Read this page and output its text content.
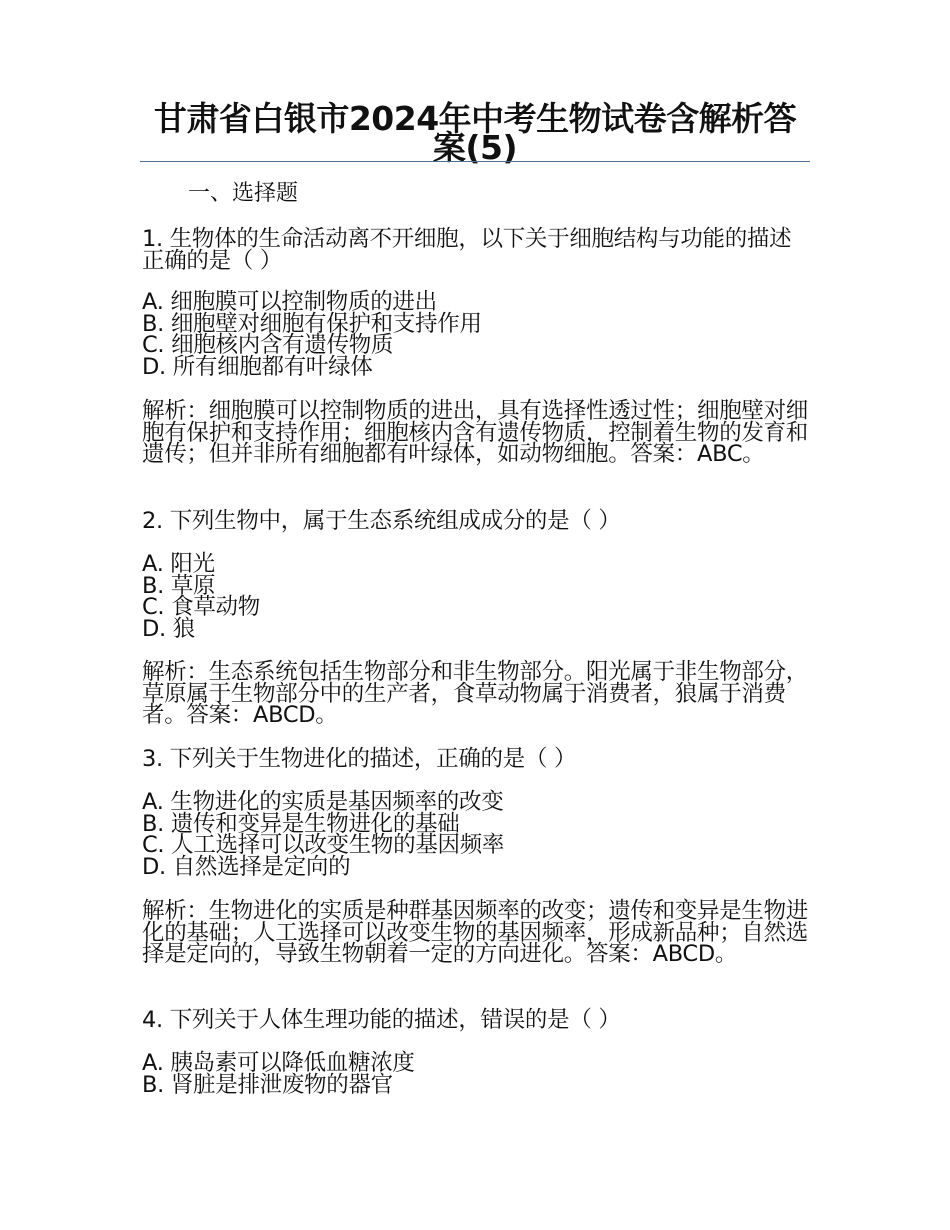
甘肃省白银市2024年中考生物试卷含解析答案(5)
一、选择题
1. 生物体的生命活动离不开细胞，以下关于细胞结构与功能的描述正确的是（ ）
A. 细胞膜可以控制物质的进出
B. 细胞壁对细胞有保护和支持作用
C. 细胞核内含有遗传物质
D. 所有细胞都有叶绿体
解析：细胞膜可以控制物质的进出，具有选择性透过性；细胞壁对细胞有保护和支持作用；细胞核内含有遗传物质，控制着生物的发育和遗传；但并非所有细胞都有叶绿体，如动物细胞。答案：ABC。
2. 下列生物中，属于生态系统组成成分的是（ ）
A. 阳光
B. 草原
C. 食草动物
D. 狼
解析：生态系统包括生物部分和非生物部分。阳光属于非生物部分，草原属于生物部分中的生产者，食草动物属于消费者，狼属于消费者。答案：ABCD。
3. 下列关于生物进化的描述，正确的是（ ）
A. 生物进化的实质是基因频率的改变
B. 遗传和变异是生物进化的基础
C. 人工选择可以改变生物的基因频率
D. 自然选择是定向的
解析：生物进化的实质是种群基因频率的改变；遗传和变异是生物进化的基础；人工选择可以改变生物的基因频率，形成新品种；自然选择是定向的，导致生物朝着一定的方向进化。答案：ABCD。
4. 下列关于人体生理功能的描述，错误的是（ ）
A. 胰岛素可以降低血糖浓度
B. 肾脏是排泄废物的器官
